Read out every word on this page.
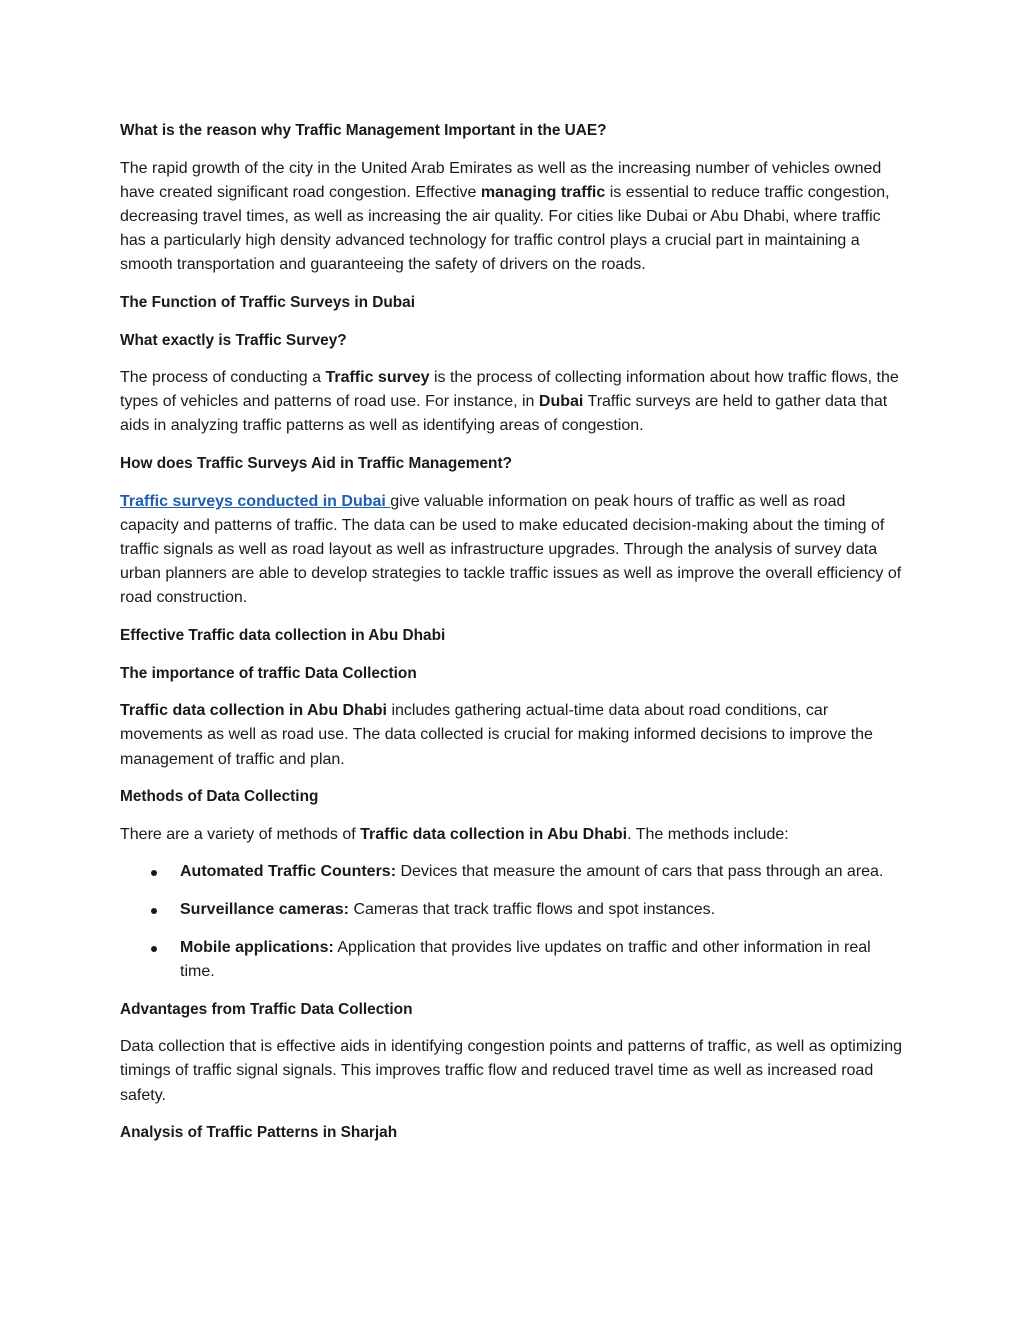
What is the reason why Traffic Management Important in the UAE?
The rapid growth of the city in the United Arab Emirates as well as the increasing number of vehicles owned have created significant road congestion. Effective managing traffic is essential to reduce traffic congestion, decreasing travel times, as well as increasing the air quality. For cities like Dubai or Abu Dhabi, where traffic has a particularly high density advanced technology for traffic control plays a crucial part in maintaining a smooth transportation and guaranteeing the safety of drivers on the roads.
The Function of Traffic Surveys in Dubai
What exactly is Traffic Survey?
The process of conducting a Traffic survey is the process of collecting information about how traffic flows, the types of vehicles and patterns of road use. For instance, in Dubai Traffic surveys are held to gather data that aids in analyzing traffic patterns as well as identifying areas of congestion.
How does Traffic Surveys Aid in Traffic Management?
Traffic surveys conducted in Dubai give valuable information on peak hours of traffic as well as road capacity and patterns of traffic. The data can be used to make educated decision-making about the timing of traffic signals as well as road layout as well as infrastructure upgrades. Through the analysis of survey data urban planners are able to develop strategies to tackle traffic issues as well as improve the overall efficiency of road construction.
Effective Traffic data collection in Abu Dhabi
The importance of traffic Data Collection
Traffic data collection in Abu Dhabi includes gathering actual-time data about road conditions, car movements as well as road use. The data collected is crucial for making informed decisions to improve the management of traffic and plan.
Methods of Data Collecting
There are a variety of methods of Traffic data collection in Abu Dhabi. The methods include:
Automated Traffic Counters: Devices that measure the amount of cars that pass through an area.
Surveillance cameras: Cameras that track traffic flows and spot instances.
Mobile applications: Application that provides live updates on traffic and other information in real time.
Advantages from Traffic Data Collection
Data collection that is effective aids in identifying congestion points and patterns of traffic, as well as optimizing timings of traffic signal signals. This improves traffic flow and reduced travel time as well as increased road safety.
Analysis of Traffic Patterns in Sharjah
